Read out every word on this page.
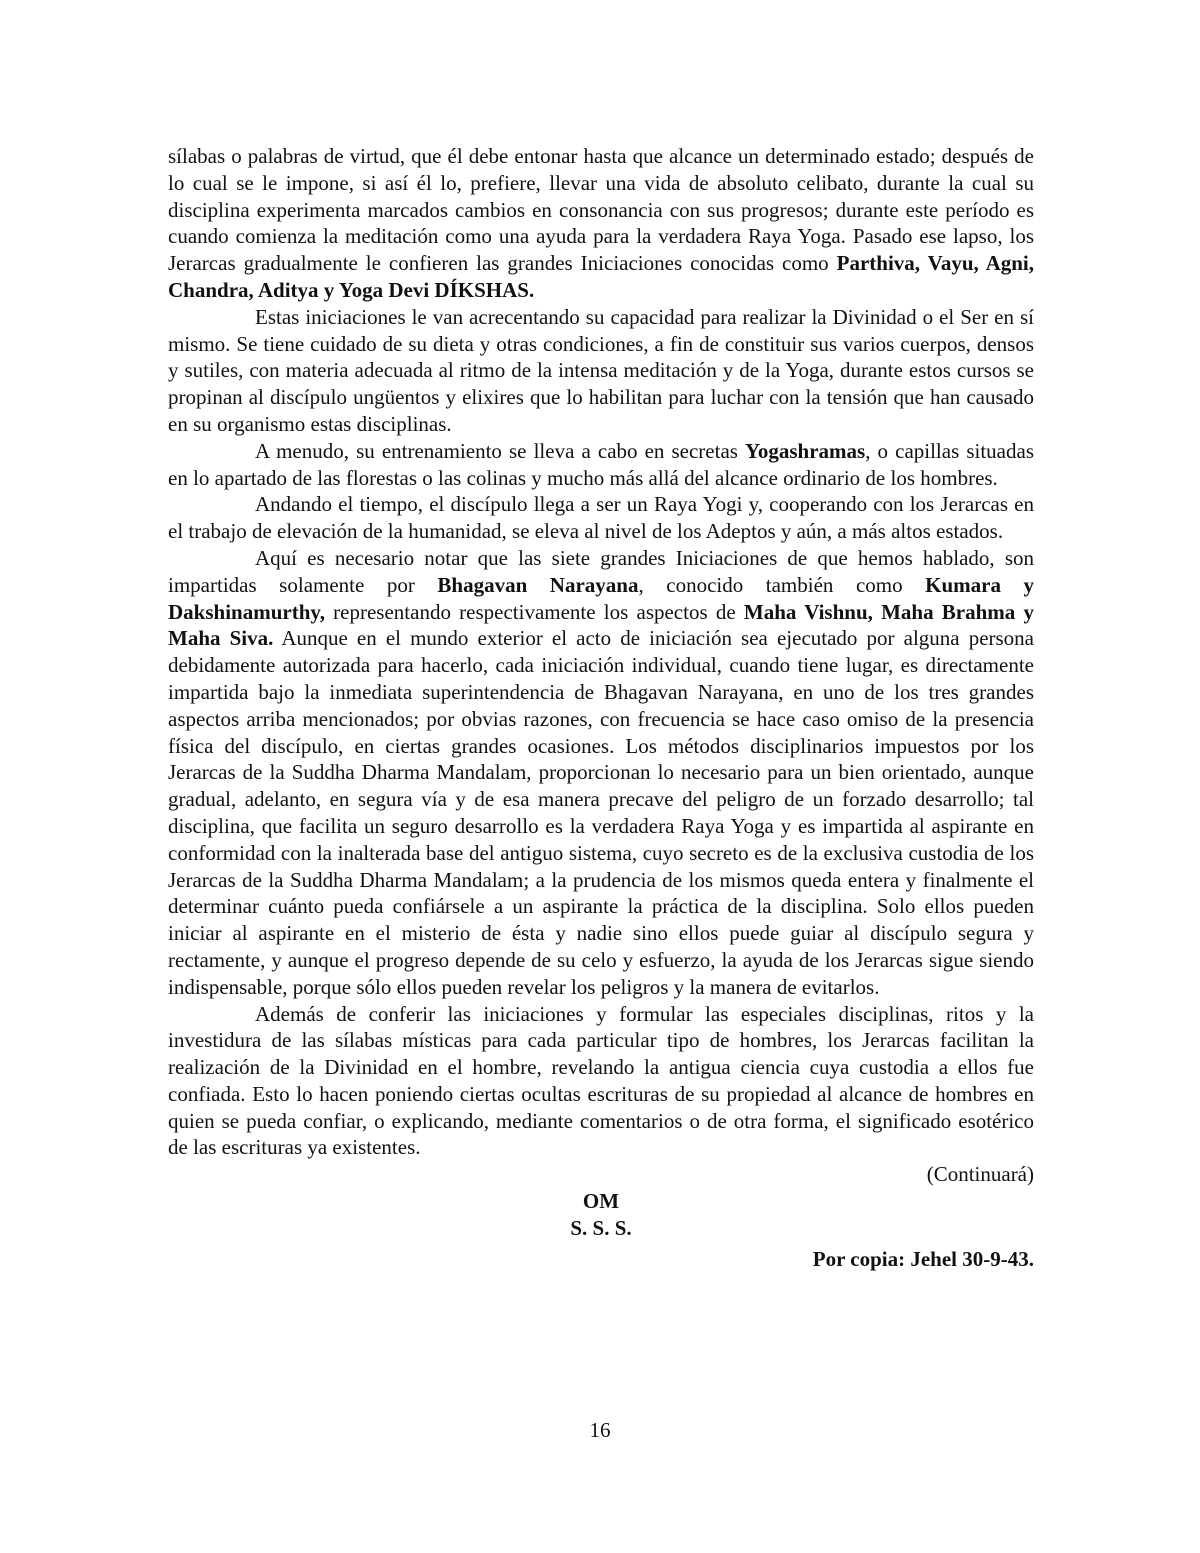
sílabas o palabras de virtud, que él debe entonar hasta que alcance un determinado estado; después de lo cual se le impone, si así él lo, prefiere, llevar una vida de absoluto celibato, durante la cual su disciplina experimenta marcados cambios en consonancia con sus progresos; durante este período es cuando comienza la meditación como una ayuda para la verdadera Raya Yoga. Pasado ese lapso, los Jerarcas gradualmente le confieren las grandes Iniciaciones conocidas como Parthiva, Vayu, Agni, Chandra, Aditya y Yoga Devi DÍKSHAS.

Estas iniciaciones le van acrecentando su capacidad para realizar la Divinidad o el Ser en sí mismo. Se tiene cuidado de su dieta y otras condiciones, a fin de constituir sus varios cuerpos, densos y sutiles, con materia adecuada al ritmo de la intensa meditación y de la Yoga, durante estos cursos se propinan al discípulo ungüentos y elixires que lo habilitan para luchar con la tensión que han causado en su organismo estas disciplinas.

A menudo, su entrenamiento se lleva a cabo en secretas Yogashramas, o capillas situadas en lo apartado de las florestas o las colinas y mucho más allá del alcance ordinario de los hombres.

Andando el tiempo, el discípulo llega a ser un Raya Yogi y, cooperando con los Jerarcas en el trabajo de elevación de la humanidad, se eleva al nivel de los Adeptos y aún, a más altos estados.

Aquí es necesario notar que las siete grandes Iniciaciones de que hemos hablado, son impartidas solamente por Bhagavan Narayana, conocido también como Kumara y Dakshinamurthy, representando respectivamente los aspectos de Maha Vishnu, Maha Brahma y Maha Siva. Aunque en el mundo exterior el acto de iniciación sea ejecutado por alguna persona debidamente autorizada para hacerlo, cada iniciación individual, cuando tiene lugar, es directamente impartida bajo la inmediata superintendencia de Bhagavan Narayana, en uno de los tres grandes aspectos arriba mencionados; por obvias razones, con frecuencia se hace caso omiso de la presencia física del discípulo, en ciertas grandes ocasiones. Los métodos disciplinarios impuestos por los Jerarcas de la Suddha Dharma Mandalam, proporcionan lo necesario para un bien orientado, aunque gradual, adelanto, en segura vía y de esa manera precave del peligro de un forzado desarrollo; tal disciplina, que facilita un seguro desarrollo es la verdadera Raya Yoga y es impartida al aspirante en conformidad con la inalterada base del antiguo sistema, cuyo secreto es de la exclusiva custodia de los Jerarcas de la Suddha Dharma Mandalam; a la prudencia de los mismos queda entera y finalmente el determinar cuánto pueda confiársele a un aspirante la práctica de la disciplina. Solo ellos pueden iniciar al aspirante en el misterio de ésta y nadie sino ellos puede guiar al discípulo segura y rectamente, y aunque el progreso depende de su celo y esfuerzo, la ayuda de los Jerarcas sigue siendo indispensable, porque sólo ellos pueden revelar los peligros y la manera de evitarlos.

Además de conferir las iniciaciones y formular las especiales disciplinas, ritos y la investidura de las sílabas místicas para cada particular tipo de hombres, los Jerarcas facilitan la realización de la Divinidad en el hombre, revelando la antigua ciencia cuya custodia a ellos fue confiada. Esto lo hacen poniendo ciertas ocultas escrituras de su propiedad al alcance de hombres en quien se pueda confiar, o explicando, mediante comentarios o de otra forma, el significado esotérico de las escrituras ya existentes.

(Continuará)

OM

S. S. S.

Por copia: Jehel 30-9-43.

16
